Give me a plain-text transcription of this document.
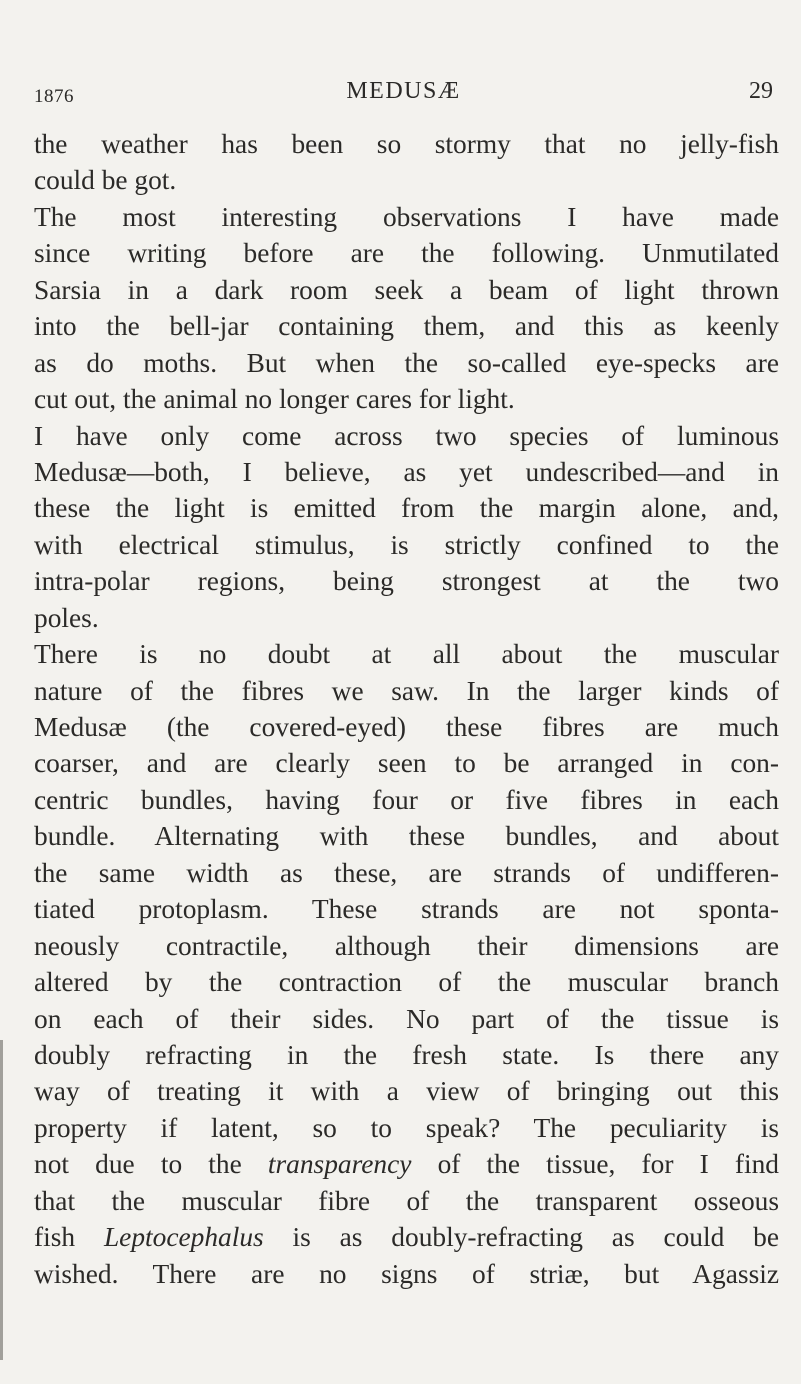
1876	MEDUSÆ	29
the weather has been so stormy that no jelly-fish
could be got.
The most interesting observations I have made
since writing before are the following. Unmutilated
Sarsia in a dark room seek a beam of light thrown
into the bell-jar containing them, and this as keenly
as do moths. But when the so-called eye-specks are
cut out, the animal no longer cares for light.
I have only come across two species of luminous
Medusæ—both, I believe, as yet undescribed—and in
these the light is emitted from the margin alone, and,
with electrical stimulus, is strictly confined to the
intra-polar regions, being strongest at the two
poles.
There is no doubt at all about the muscular
nature of the fibres we saw. In the larger kinds of
Medusæ (the covered-eyed) these fibres are much
coarser, and are clearly seen to be arranged in con-
centric bundles, having four or five fibres in each
bundle. Alternating with these bundles, and about
the same width as these, are strands of undifferen-
tiated protoplasm. These strands are not sponta-
neously contractile, although their dimensions are
altered by the contraction of the muscular branch
on each of their sides. No part of the tissue is
doubly refracting in the fresh state. Is there any
way of treating it with a view of bringing out this
property if latent, so to speak? The peculiarity is
not due to the transparency of the tissue, for I find
that the muscular fibre of the transparent osseous
fish Leptocephalus is as doubly-refracting as could be
wished. There are no signs of striæ, but Agassiz
